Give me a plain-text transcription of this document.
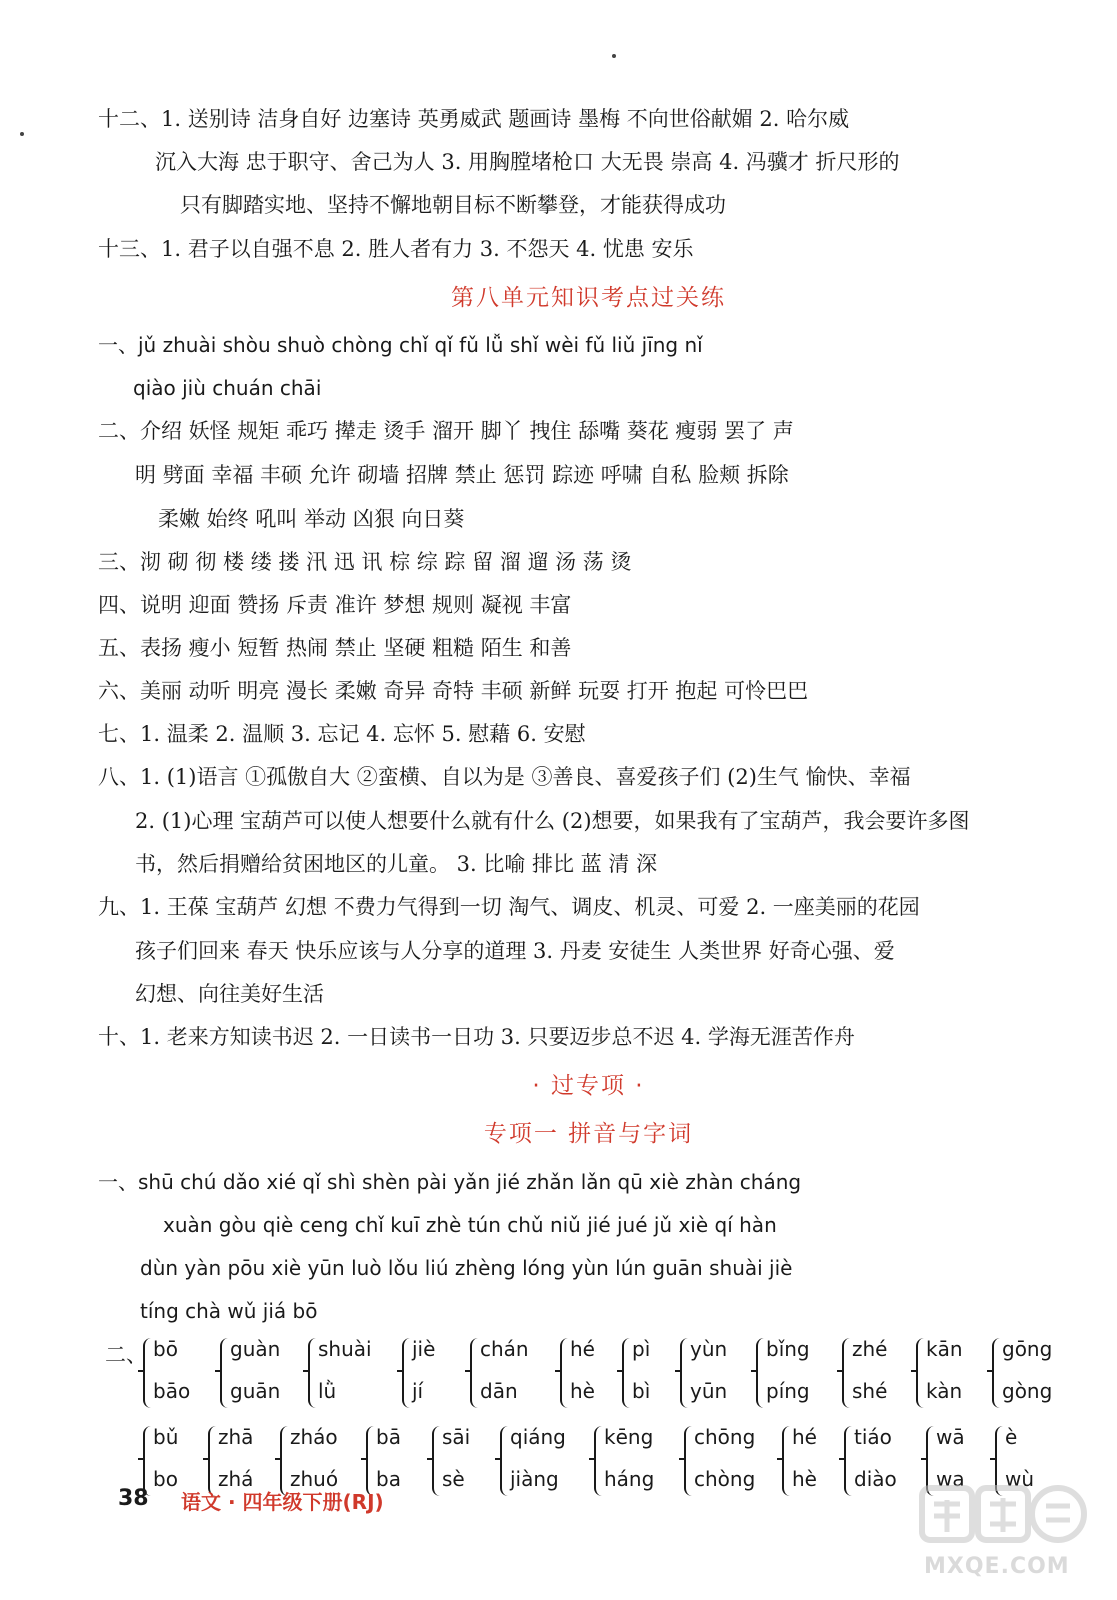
十二、1. 送别诗 洁身自好 边塞诗 英勇威武 题画诗 墨梅 不向世俗献媚 2. 哈尔威
沉入大海 忠于职守、舍己为人 3. 用胸膛堵枪口 大无畏 崇高 4. 冯骥才 折尺形的
只有脚踏实地、坚持不懈地朝目标不断攀登，才能获得成功
十三、1. 君子以自强不息 2. 胜人者有力 3. 不怨天 4. 忧患 安乐
第八单元知识考点过关练
一、jǔ zhuài shòu shuò chòng chǐ qǐ fǔ lǚ shǐ wèi fǔ liǔ jīng nǐ
qiào jiù chuán chāi
二、介绍 妖怪 规矩 乖巧 撵走 烫手 溜开 脚丫 拽住 舔嘴 葵花 瘦弱 罢了 声
明 劈面 幸福 丰硕 允许 砌墙 招牌 禁止 惩罚 踪迹 呼啸 自私 脸颊 拆除
柔嫩 始终 吼叫 举动 凶狠 向日葵
三、沏 砌 彻 楼 缕 搂 汛 迅 讯 棕 综 踪 留 溜 遛 汤 荡 烫
四、说明 迎面 赞扬 斥责 准许 梦想 规则 凝视 丰富
五、表扬 瘦小 短暂 热闹 禁止 坚硬 粗糙 陌生 和善
六、美丽 动听 明亮 漫长 柔嫩 奇异 奇特 丰硕 新鲜 玩耍 打开 抱起 可怜巴巴
七、1. 温柔 2. 温顺 3. 忘记 4. 忘怀 5. 慰藉 6. 安慰
八、1. (1)语言 ①孤傲自大 ②蛮横、自以为是 ③善良、喜爱孩子们 (2)生气 愉快、幸福
2. (1)心理 宝葫芦可以使人想要什么就有什么 (2)想要，如果我有了宝葫芦，我会要许多图
书，然后捐赠给贫困地区的儿童。 3. 比喻 排比 蓝 清 深
九、1. 王葆 宝葫芦 幻想 不费力气得到一切 淘气、调皮、机灵、可爱 2. 一座美丽的花园
孩子们回来 春天 快乐应该与人分享的道理 3. 丹麦 安徒生 人类世界 好奇心强、爱
幻想、向往美好生活
十、1. 老来方知读书迟 2. 一日读书一日功 3. 只要迈步总不迟 4. 学海无涯苦作舟
· 过专项 ·
专项一 拼音与字词
一、shū chú dǎo xié qǐ shì shèn pài yǎn jié zhǎn lǎn qū xiè zhàn cháng
xuàn gòu qiè ceng chǐ kuī zhè tún chǔ niǔ jié jué jǔ xiè qí hàn
dùn yàn pōu xiè yūn luò lǒu liú zhèng lóng yùn lún guān shuài jiè
tíng chà wǔ jiá bō
二、 bō
bāo
guàn
guān
shuài
lǜ
jiè
jí
chán
dān
hé
hè
pì
bì
yùn
yūn
bǐng
píng
zhé
shé
kān
kàn
gōng
gòng
bǔ
bo
zhā
zhá
zháo
zhuó
bā
ba
sāi
sè
qiáng
jiàng
kēng
háng
chōng
chòng
hé
hè
tiáo
diào
wā
wa
è
wù
38 语文 · 四年级下册(RJ)
MXQE.COM
